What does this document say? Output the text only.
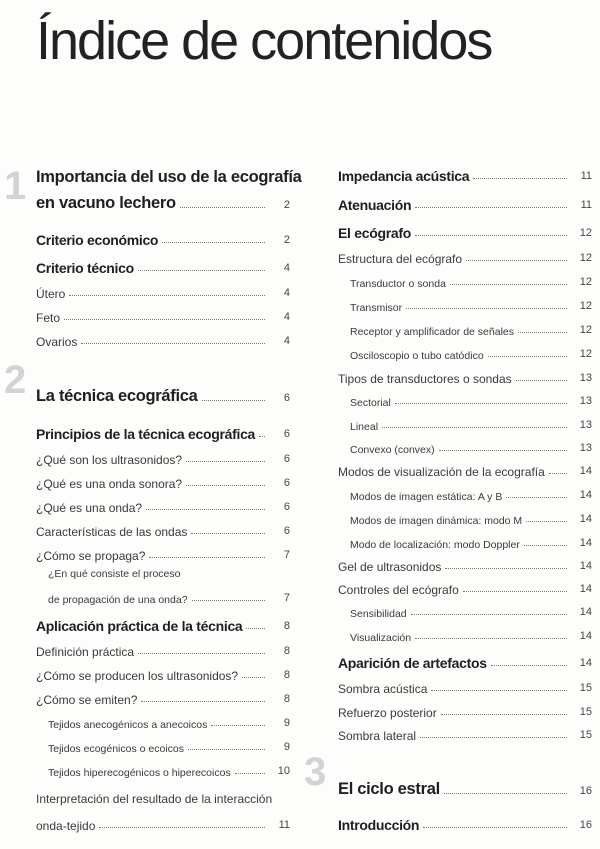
Índice de contenidos
1
2
3
Importancia del uso de la ecografía
en vacuno lechero	2
Criterio económico	2
Criterio técnico	4
Útero	4
Feto	4
Ovarios	4
La técnica ecográfica	6
Principios de la técnica ecográfica	6
¿Qué son los ultrasonidos?	6
¿Qué es una onda sonora?	6
¿Qué es una onda?	6
Características de las ondas	6
¿Cómo se propaga?	7
¿En qué consiste el proceso
de propagación de una onda?	7
Aplicación práctica de la técnica	8
Definición práctica	8
¿Cómo se producen los ultrasonidos?	8
¿Cómo se emiten?	8
Tejidos anecogénicos a anecoicos	9
Tejidos ecogénicos o ecoicos	9
Tejidos hiperecogénicos o hiperecoicos	10
Interpretación del resultado de la interacción
onda-tejido	11
Impedancia acústica	11
Atenuación	11
El ecógrafo	12
Estructura del ecógrafo	12
Transductor o sonda	12
Transmisor	12
Receptor y amplificador de señales	12
Osciloscopio o tubo catódico	12
Tipos de transductores o sondas	13
Sectorial	13
Lineal	13
Convexo (convex)	13
Modos de visualización de la ecografía	14
Modos de imagen estática: A y B	14
Modos de imagen dinámica: modo M	14
Modo de localización: modo Doppler	14
Gel de ultrasonidos	14
Controles del ecógrafo	14
Sensibilidad	14
Visualización	14
Aparición de artefactos	14
Sombra acústica	15
Refuerzo posterior	15
Sombra lateral	15
El ciclo estral	16
Introducción	16
